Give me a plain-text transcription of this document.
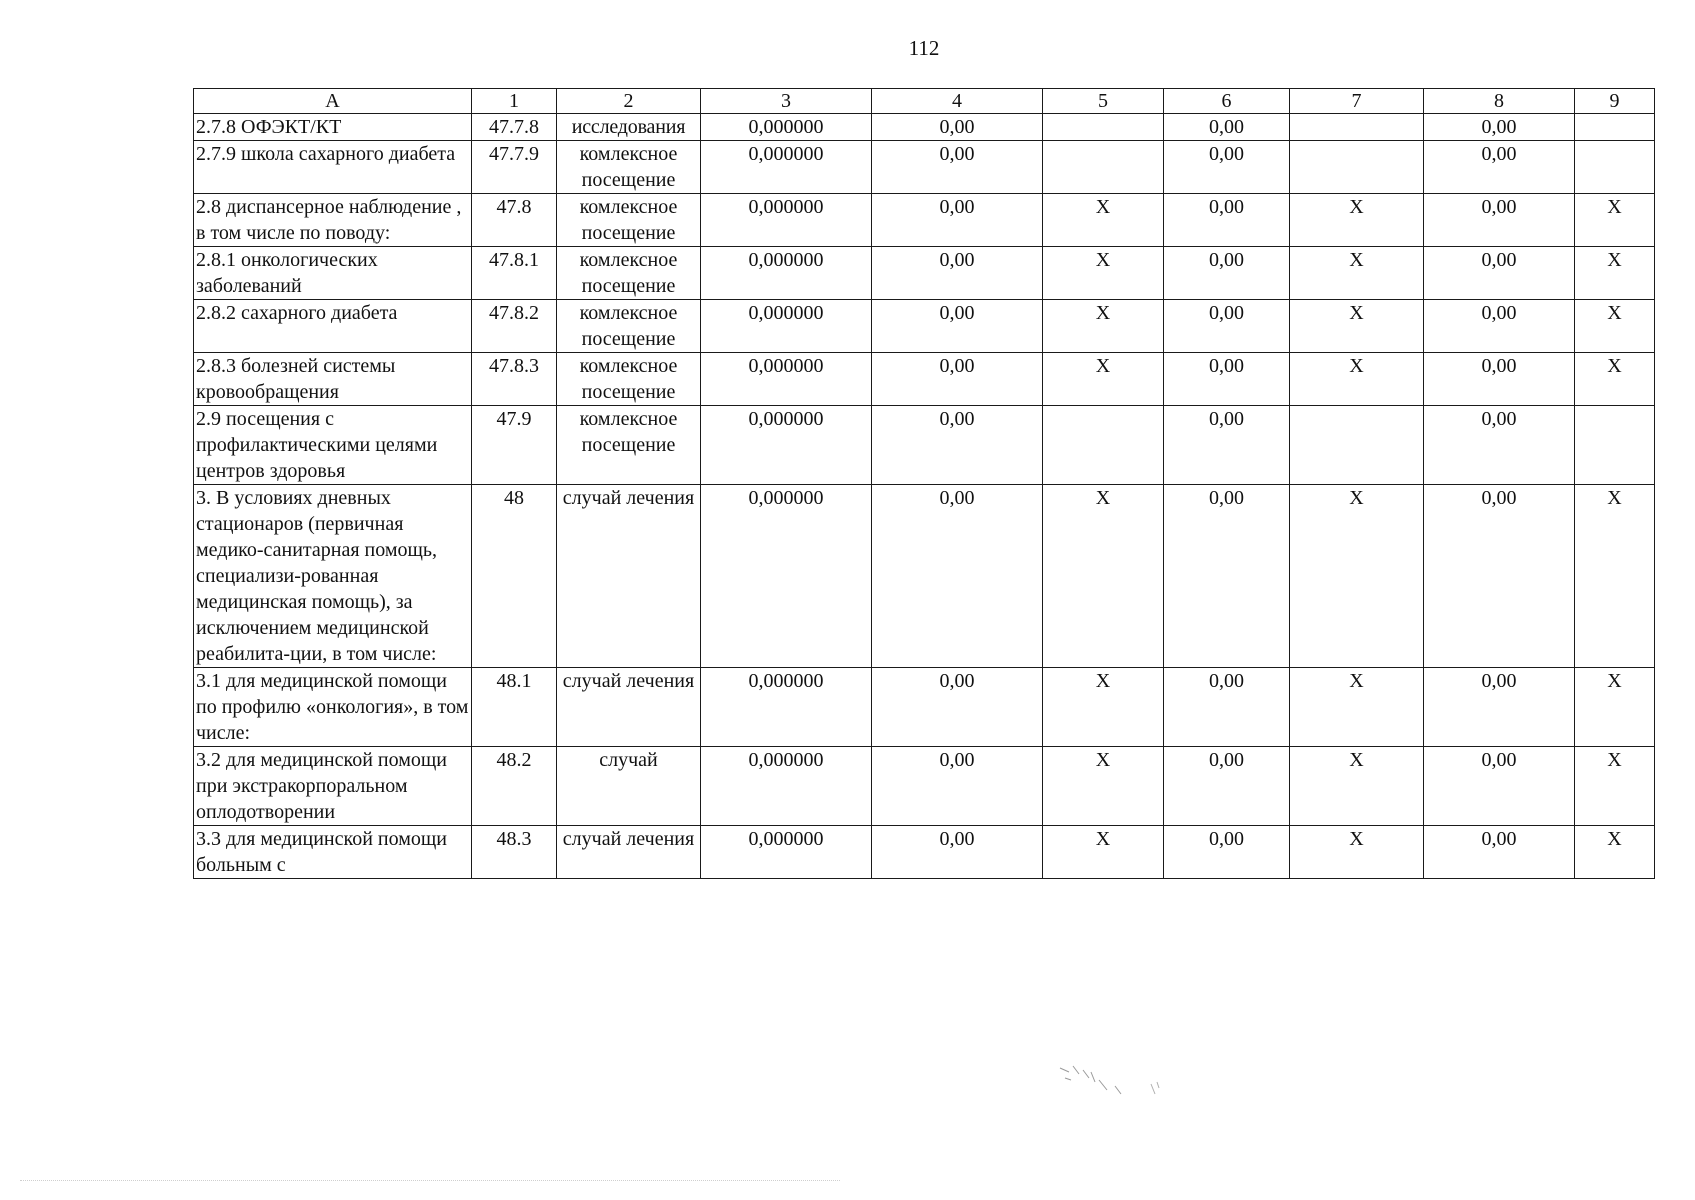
112
А	1	2	3	4	5	6	7	8	9
2.7.8 ОФЭКТ/КТ	47.7.8	исследования	0,000000	0,00		0,00		0,00	
2.7.9 школа сахарного диабета	47.7.9	комлексное посещение	0,000000	0,00		0,00		0,00	
2.8 диспансерное наблюдение , в том числе по поводу:	47.8	комлексное посещение	0,000000	0,00	Х	0,00	Х	0,00	Х
2.8.1 онкологических заболеваний	47.8.1	комлексное посещение	0,000000	0,00	Х	0,00	Х	0,00	Х
2.8.2 сахарного диабета	47.8.2	комлексное посещение	0,000000	0,00	Х	0,00	Х	0,00	Х
2.8.3 болезней системы кровообращения	47.8.3	комлексное посещение	0,000000	0,00	Х	0,00	Х	0,00	Х
2.9 посещения с профилактическими целями центров здоровья	47.9	комлексное посещение	0,000000	0,00		0,00		0,00	
3. В условиях дневных стационаров (первичная медико-санитарная помощь, специализи-рованная медицинская помощь), за исключением медицинской реабилита-ции, в том числе:	48	случай лечения	0,000000	0,00	Х	0,00	Х	0,00	Х
3.1 для медицинской помощи по профилю «онкология», в том числе:	48.1	случай лечения	0,000000	0,00	Х	0,00	Х	0,00	Х
3.2 для медицинской помощи при экстракорпоральном оплодотворении	48.2	случай	0,000000	0,00	Х	0,00	Х	0,00	Х
3.3 для медицинской помощи больным с	48.3	случай лечения	0,000000	0,00	Х	0,00	Х	0,00	Х
